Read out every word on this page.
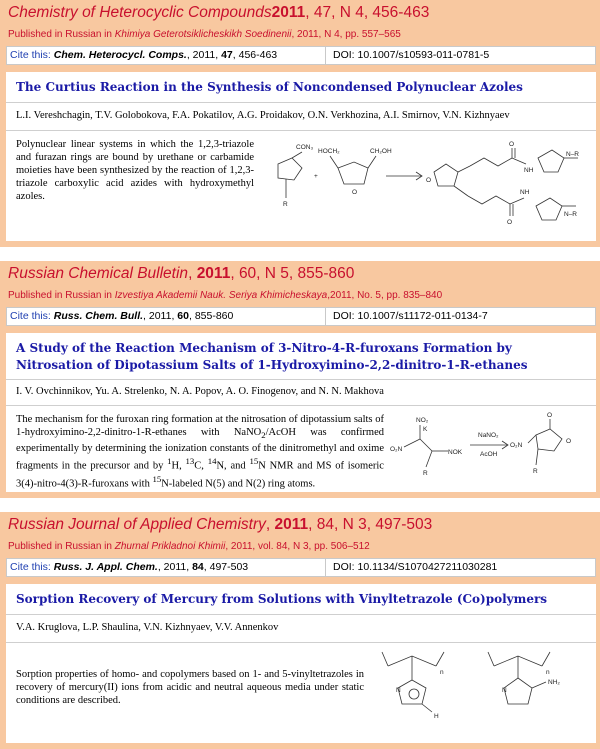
Chemistry of Heterocyclic Compounds2011, 47, N 4, 456-463
Published in Russian in Khimiya Geterotsiklicheskikh Soedinenii, 2011, N 4, pp. 557–565
Cite this: Chem. Heterocycl. Comps., 2011, 47, 456-463	DOI: 10.1007/s10593-011-0781-5
The Curtius Reaction in the Synthesis of Noncondensed Polynuclear Azoles
L.I. Vereshchagin, T.V. Golobokova, F.A. Pokatilov, A.G. Proidakov, O.N. Verkhozina, A.I. Smirnov, V.N. Kizhnyaev
Polynuclear linear systems in which the 1,2,3-triazole and furazan rings are bound by urethane or carbamide moieties have been synthesized by the reaction of 1,2,3-triazole carboxylic acid azides with hydroxymethyl azoles.
CON₃
R
+
HOCH₂	CH₂OH
O
O
O
NH
N–R
O
NH
N–R
Russian Chemical Bulletin, 2011, 60, N 5, 855-860
Published in Russian in Izvestiya Akademii Nauk. Seriya Khimicheskaya,2011, No. 5, pp. 835–840
Cite this: Russ. Chem. Bull., 2011, 60, 855-860	DOI: 10.1007/s11172-011-0134-7
A Study of the Reaction Mechanism of 3-Nitro-4-R-furoxans Formation by Nitrosation of Dipotassium Salts of 1-Hydroxyimino-2,2-dinitro-1-R-ethanes
I. V. Ovchinnikov, Yu. A. Strelenko, N. A. Popov, A. O. Finogenov, and N. N. Makhova
The mechanism for the furoxan ring formation at the nitrosation of dipotassium salts of 1-hydroxyimino-2,2-dinitro-1-R-ethanes with NaNO$_2$/AcOH was confirmed experimentally by determining the ionization constants of the dinitromethyl and oxime fragments in the precursor and by $^1$H, $^{13}$C, $^{14}$N, and $^{15}$N NMR and MS of isomeric 3(4)-nitro-4(3)-R-furoxans with $^{15}$N-labeled N(5) and N(2) ring atoms.
NO₂
K
O₂N	NOK
R
NaNO₂
AcOH
O
O₂N
O
R
Russian Journal of Applied Chemistry, 2011, 84, N 3, 497-503
Published in Russian in Zhurnal Prikladnoi Khimii, 2011, vol. 84, N 3, pp. 506–512
Cite this: Russ. J. Appl. Chem., 2011, 84, 497-503	DOI: 10.1134/S1070427211030281
Sorption Recovery of Mercury from Solutions with Vinyltetrazole (Co)polymers
V.A. Kruglova, L.P. Shaulina, V.N. Kizhnyaev, V.V. Annenkov
Sorption properties of homo- and copolymers based on 1- and 5-vinyltetrazoles in recovery of mercury(II) ions from acidic and neutral aqueous media under static conditions are described.
n	n
H
NH₂
N	N
